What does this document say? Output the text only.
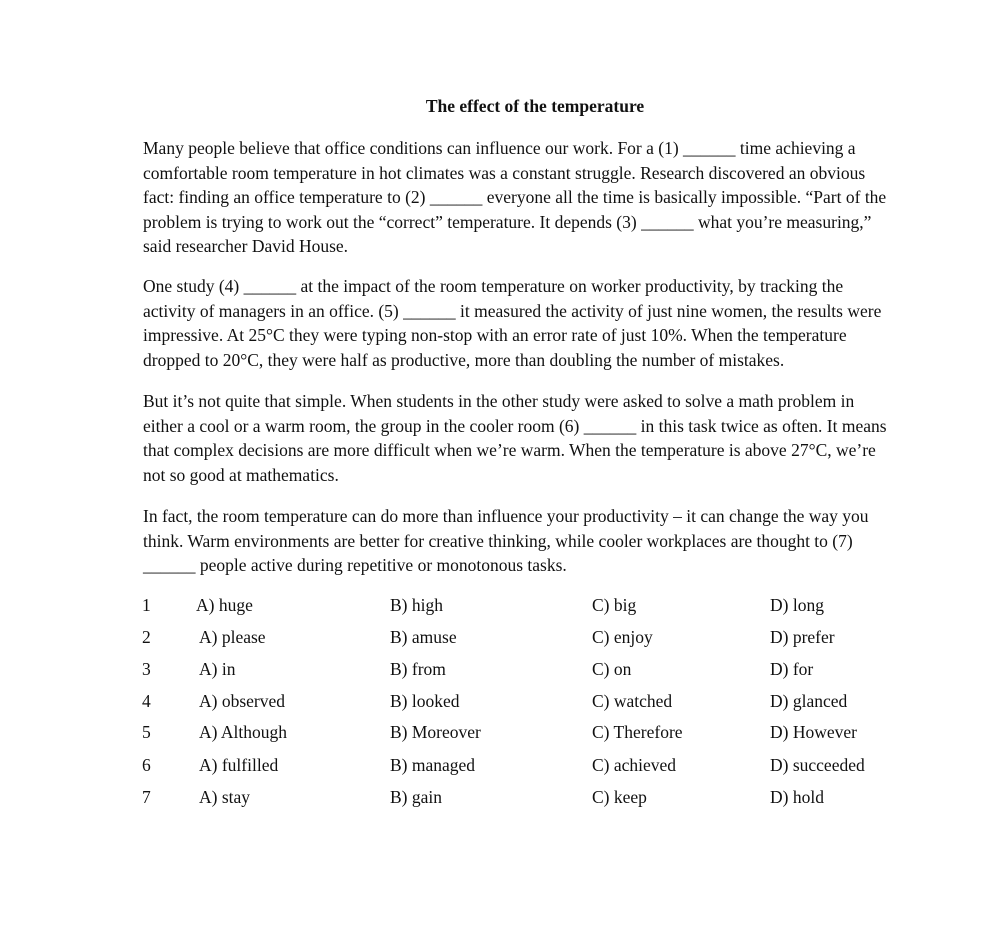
The effect of the temperature

Many people believe that office conditions can influence our work. For a (1) ______ time achieving a
comfortable room temperature in hot climates was a constant struggle. Research discovered an obvious
fact: finding an office temperature to (2) ______ everyone all the time is basically impossible. “Part of the
problem is trying to work out the “correct” temperature. It depends (3) ______ what you’re measuring,”
said researcher David House.

One study (4) ______ at the impact of the room temperature on worker productivity, by tracking the
activity of managers in an office. (5) ______ it measured the activity of just nine women, the results were
impressive. At 25°C they were typing non-stop with an error rate of just 10%. When the temperature
dropped to 20°C, they were half as productive, more than doubling the number of mistakes.

But it’s not quite that simple. When students in the other study were asked to solve a math problem in
either a cool or a warm room, the group in the cooler room (6) ______ in this task twice as often. It means
that complex decisions are more difficult when we’re warm. When the temperature is above 27°C, we’re
not so good at mathematics.

In fact, the room temperature can do more than influence your productivity – it can change the way you
think. Warm environments are better for creative thinking, while cooler workplaces are thought to (7)
______ people active during repetitive or monotonous tasks.

1	A) huge	B) high	C) big	D) long
2	A) please	B) amuse	C) enjoy	D) prefer
3	A) in	B) from	C) on	D) for
4	A) observed	B) looked	C) watched	D) glanced
5	A) Although	B) Moreover	C) Therefore	D) However
6	A) fulfilled	B) managed	C) achieved	D) succeeded
7	A) stay	B) gain	C) keep	D) hold
